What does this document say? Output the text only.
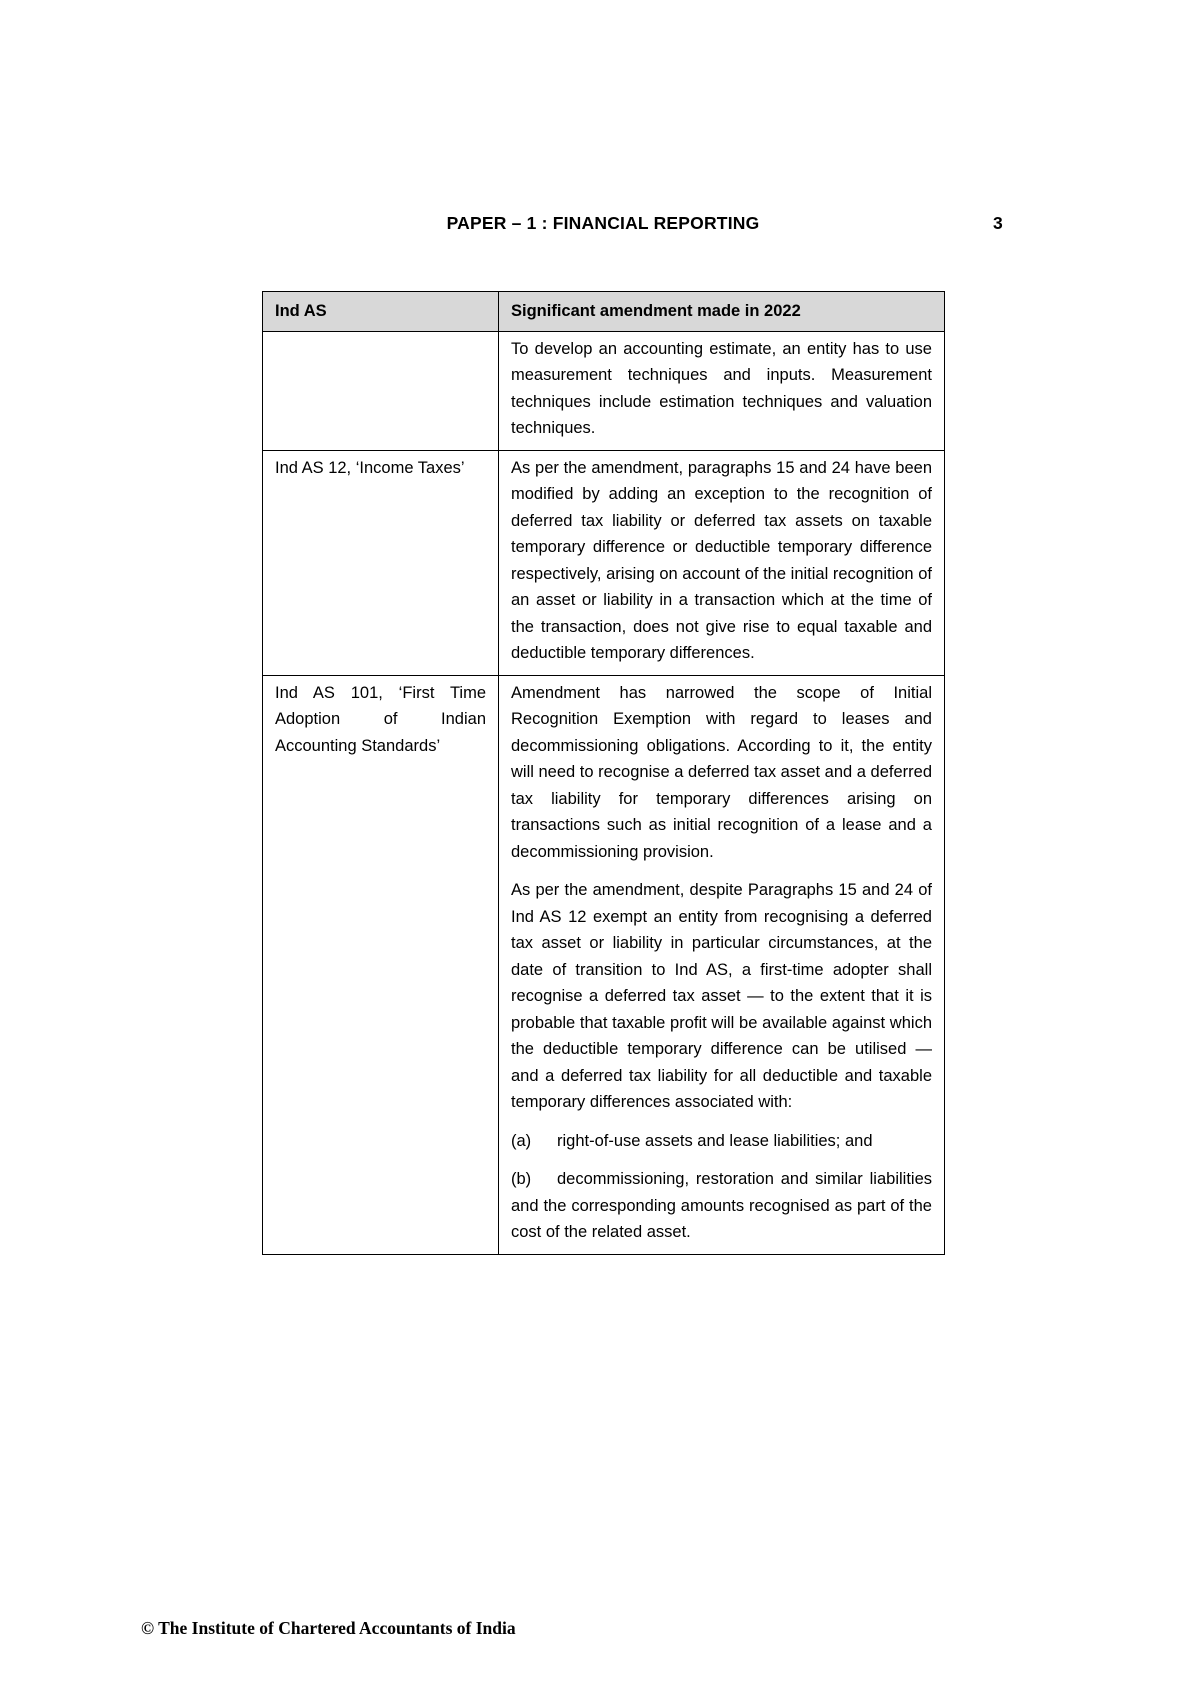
PAPER – 1 : FINANCIAL REPORTING	3
Ind AS	Significant amendment made in 2022

	To develop an accounting estimate, an entity has to use measurement techniques and inputs. Measurement techniques include estimation techniques and valuation techniques.

Ind AS 12, ‘Income Taxes’	As per the amendment, paragraphs 15 and 24 have been modified by adding an exception to the recognition of deferred tax liability or deferred tax assets on taxable temporary difference or deductible temporary difference respectively, arising on account of the initial recognition of an asset or liability in a transaction which at the time of the transaction, does not give rise to equal taxable and deductible temporary differences.

Ind AS 101, ‘First Time Adoption of Indian Accounting Standards’	Amendment has narrowed the scope of Initial Recognition Exemption with regard to leases and decommissioning obligations. According to it, the entity will need to recognise a deferred tax asset and a deferred tax liability for temporary differences arising on transactions such as initial recognition of a lease and a decommissioning provision.

As per the amendment, despite Paragraphs 15 and 24 of Ind AS 12 exempt an entity from recognising a deferred tax asset or liability in particular circumstances, at the date of transition to Ind AS, a first-time adopter shall recognise a deferred tax asset — to the extent that it is probable that taxable profit will be available against which the deductible temporary difference can be utilised — and a deferred tax liability for all deductible and taxable temporary differences associated with:

(a) right-of-use assets and lease liabilities; and

(b) decommissioning, restoration and similar liabilities and the corresponding amounts recognised as part of the cost of the related asset.

© The Institute of Chartered Accountants of India
